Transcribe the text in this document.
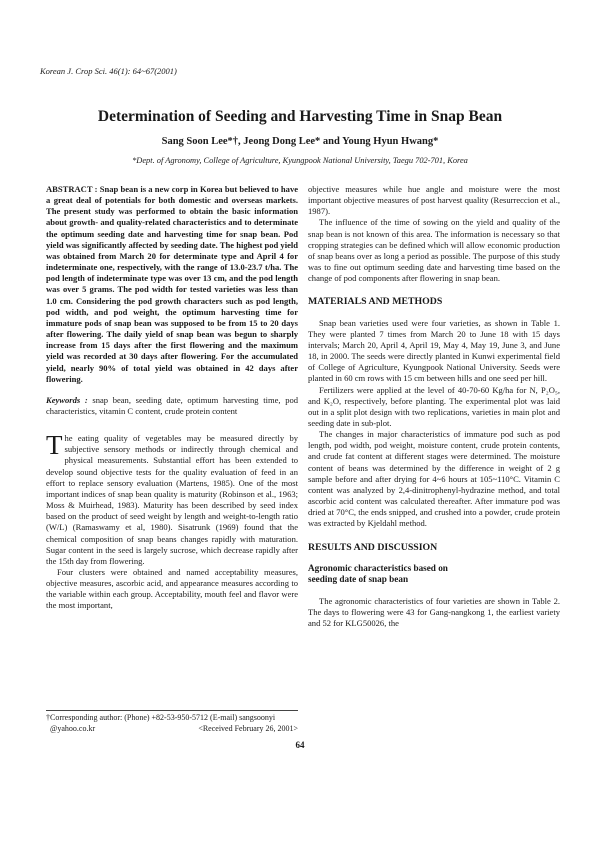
Korean J. Crop Sci. 46(1): 64~67(2001)
Determination of Seeding and Harvesting Time in Snap Bean
Sang Soon Lee*†, Jeong Dong Lee* and Young Hyun Hwang*
*Dept. of Agronomy, College of Agriculture, Kyungpook National University, Taegu 702-701, Korea

ABSTRACT : Snap bean is a new corp in Korea but believed to have a great deal of potentials for both domestic and overseas markets. The present study was performed to obtain the basic information about growth- and quality-related characteristics and to determinate the optimum seeding date and harvesting time for snap bean. Pod yield was significantly affected by seeding date. The highest pod yield was obtained from March 20 for determinate type and April 4 for indeterminate one, respectively, with the range of 13.0-23.7 t/ha. The pod length of indeterminate type was over 13 cm, and the pod length was over 5 grams. The pod width for tested varieties was less than 1.0 cm. Considering the pod growth characters such as pod length, pod width, and pod weight, the optimum harvesting time for immature pods of snap bean was supposed to be from 15 to 20 days after flowering. The daily yield of snap bean was begun to sharply increase from 15 days after the first flowering and the maximum yield was recorded at 30 days after flowering. For the accumulated yield, nearly 90% of total yield was obtained in 42 days after flowering.

Keywords : snap bean, seeding date, optimum harvesting time, pod characteristics, vitamin C content, crude protein content

The eating quality of vegetables may be measured directly by subjective sensory methods or indirectly through chemical and physical measurements. Substantial effort has been extended to develop sound objective tests for the quality evaluation of feed in an effort to replace sensory evaluation (Martens, 1985). One of the most important indices of snap bean quality is maturity (Robinson et al., 1963; Moss & Muirhead, 1983). Maturity has been described by seed index based on the product of seed weight by length and weight-to-length ratio (W/L) (Ramaswamy et al, 1980). Sisatrunk (1969) found that the chemical composition of snap beans changes rapidly with maturation. Sugar content in the seed is largely sucrose, which decrease rapidly after the 15th day from flowering.

Four clusters were obtained and named acceptability measures, objective measures, ascorbic acid, and appearance measures according to the variable within each group. Acceptability, mouth feel and flavor were the most important,

objective measures while hue angle and moisture were the most important objective measures of post harvest quality (Resurreccion et al., 1987).

The influence of the time of sowing on the yield and quality of the snap bean is not known of this area. The information is necessary so that cropping strategies can be defined which will allow economic production of snap beans over as long a period as possible. The purpose of this study was to fine out optimum seeding date and harvesting time based on the change of pod components after flowering in snap bean.

MATERIALS AND METHODS

Snap bean varieties used were four varieties, as shown in Table 1. They were planted 7 times from March 20 to June 18 with 15 days intervals; March 20, April 4, April 19, May 4, May 19, June 3, and June 18, in 2000. The seeds were directly planted in Kunwi experimental field of College of Agriculture, Kyungpook National University. Seeds were planted in 60 cm rows with 15 cm between hills and one seed per hill.

Fertilizers were applied at the level of 40-70-60 Kg/ha for N, P₂O₅, and K₂O, respectively, before planting. The experimental plot was laid out in a split plot design with two replications, varieties in main plot and seeding date in sub-plot.

The changes in major characteristics of immature pod such as pod length, pod width, pod weight, moisture content, crude protein contents, and crude fat content at different stages were determined. The moisture content of beans was determined by the difference in weight of 2 g sample before and after drying for 4~6 hours at 105~110°C. Vitamin C content was analyzed by 2,4-dinitrophenyl-hydrazine method, and total ascorbic acid content was calculated thereafter. After immature pod was dried at 70°C, the ends snipped, and crushed into a powder, crude protein was extracted by Kjeldahl method.

RESULTS AND DISCUSSION

Agronomic characteristics based on
seeding date of snap bean

The agronomic characteristics of four varieties are shown in Table 2. The days to flowering were 43 for Gang-nangkong 1, the earliest variety and 52 for KLG50026, the

†Corresponding author: (Phone) +82-53-950-5712 (E-mail) sangsoonyi
@yahoo.co.kr	<Received February 26, 2001>
64
